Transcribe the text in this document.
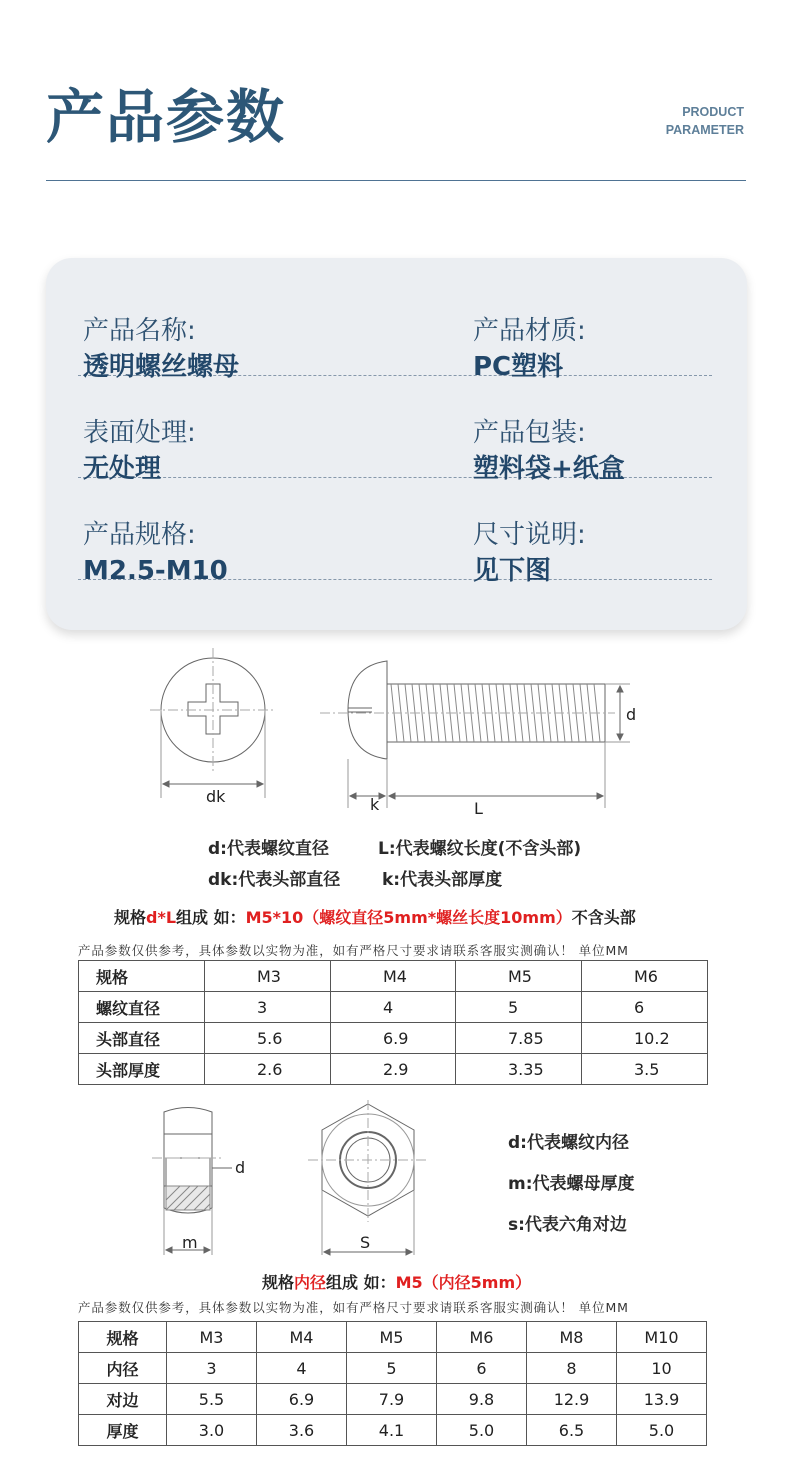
产品参数	PRODUCT
PARAMETER
产品名称:
透明螺丝螺母
产品材质:
PC塑料
表面处理:
无处理
产品包装:
塑料袋+纸盒
产品规格:
M2.5-M10
尺寸说明:
见下图
dk	k	L
d
d:代表螺纹直径	L:代表螺纹长度(不含头部)
dk:代表头部直径 k:代表头部厚度
规格d*L组成 如：M5*10（螺纹直径5mm*螺丝长度10mm）不含头部
产品参数仅供参考，具体参数以实物为准，如有严格尺寸要求请联系客服实测确认！ 单位MM
规格	M3	M4	M5	M6
螺纹直径	3	4	5	6
头部直径	5.6	6.9	7.85	10.2
头部厚度	2.6	2.9	3.35	3.5
d
m	S
d:代表螺纹内径
m:代表螺母厚度
s:代表六角对边
规格内径组成 如：M5（内径5mm）
产品参数仅供参考，具体参数以实物为准，如有严格尺寸要求请联系客服实测确认！ 单位MM
规格	M3	M4	M5	M6	M8	M10
内径	3	4	5	6	8	10
对边	5.5	6.9	7.9	9.8	12.9	13.9
厚度	3.0	3.6	4.1	5.0	6.5	5.0
